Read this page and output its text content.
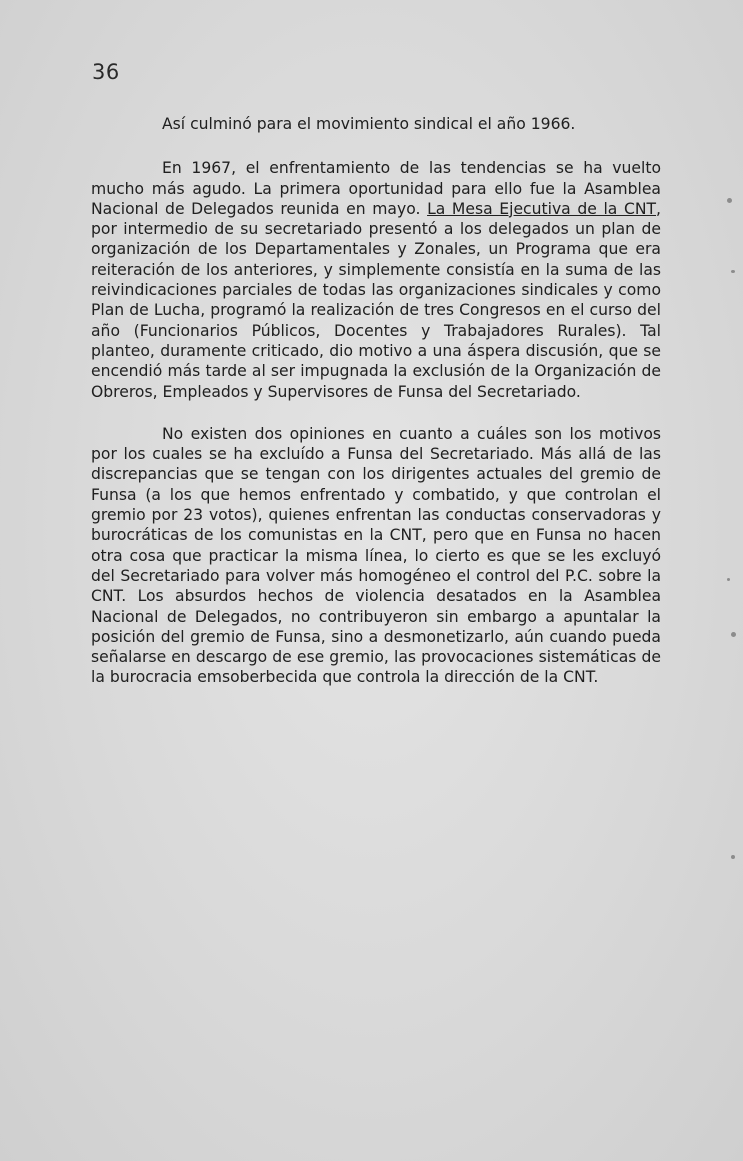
36

Así culminó para el movimiento sindical el año 1966.

En 1967, el enfrentamiento de las tendencias se ha vuelto mucho más agudo. La primera oportunidad para ello fue la Asamblea Nacional de Delegados reunida en mayo. La Mesa Ejecutiva de la CNT, por intermedio de su secretariado presentó a los delegados un plan de organización de los Departamentales y Zonales, un Programa que era reiteración de los anteriores, y simplemente consistía en la suma de las reivindicaciones parciales de todas las organizaciones sindicales y como Plan de Lucha, programó la realización de tres Congresos en el curso del año (Funcionarios Públicos, Docentes y Trabajadores Rurales). Tal planteo, duramente criticado, dio motivo a una áspera discusión, que se encendió más tarde al ser impugnada la exclusión de la Organización de Obreros, Empleados y Supervisores de Funsa del Secretariado.

No existen dos opiniones en cuanto a cuáles son los motivos por los cuales se ha excluído a Funsa del Secretariado. Más allá de las discrepancias que se tengan con los dirigentes actuales del gremio de Funsa (a los que hemos enfrentado y combatido, y que controlan el gremio por 23 votos), quienes enfrentan las conductas conservadoras y burocráticas de los comunistas en la CNT, pero que en Funsa no hacen otra cosa que practicar la misma línea, lo cierto es que se les excluyó del Secretariado para volver más homogéneo el control del P.C. sobre la CNT. Los absurdos hechos de violencia desatados en la Asamblea Nacional de Delegados, no contribuyeron sin embargo a apuntalar la posición del gremio de Funsa, sino a desmonetizarlo, aún cuando pueda señalarse en descargo de ese gremio, las provocaciones sistemáticas de la burocracia emsoberbecida que controla la dirección de la CNT.
